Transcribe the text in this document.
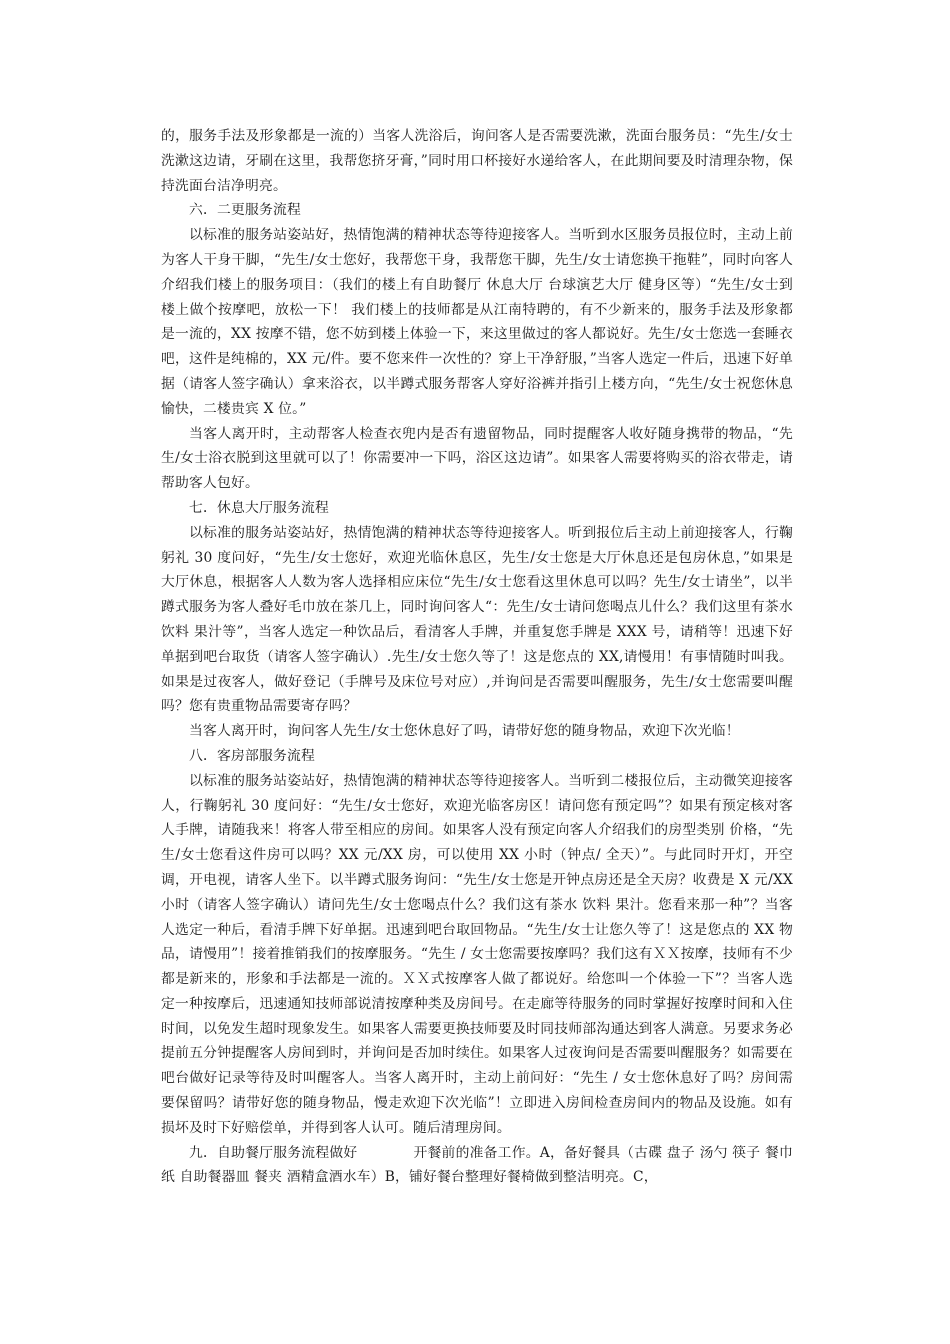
的，服务手法及形象都是一流的）当客人洗浴后，询问客人是否需要洗漱，洗面台服务员：“先生/女士洗漱这边请，牙刷在这里，我帮您挤牙膏，”同时用口杯接好水递给客人，在此期间要及时清理杂物，保持洗面台洁净明亮。

六．二更服务流程

以标准的服务站姿站好，热情饱满的精神状态等待迎接客人。当听到水区服务员报位时，主动上前为客人干身干脚，“先生/女士您好，我帮您干身，我帮您干脚，先生/女士请您换干拖鞋”，同时向客人介绍我们楼上的服务项目：（我们的楼上有自助餐厅 休息大厅 台球演艺大厅 健身区等）“先生/女士到楼上做个按摩吧，放松一下！ 我们楼上的技师都是从江南特聘的，有不少新来的，服务手法及形象都是一流的，XX 按摩不错，您不妨到楼上体验一下，来这里做过的客人都说好。先生/女士您选一套睡衣吧，这件是纯棉的，XX 元/件。要不您来件一次性的？穿上干净舒服，”当客人选定一件后，迅速下好单据（请客人签字确认）拿来浴衣，以半蹲式服务帮客人穿好浴裤并指引上楼方向，“先生/女士祝您休息愉快，二楼贵宾 X 位。”

当客人离开时，主动帮客人检查衣兜内是否有遗留物品，同时提醒客人收好随身携带的物品，“先生/女士浴衣脱到这里就可以了！你需要冲一下吗，浴区这边请”。如果客人需要将购买的浴衣带走，请帮助客人包好。

七．休息大厅服务流程

以标准的服务站姿站好，热情饱满的精神状态等待迎接客人。听到报位后主动上前迎接客人，行鞠躬礼 30 度问好，“先生/女士您好，欢迎光临休息区，先生/女士您是大厅休息还是包房休息，”如果是大厅休息，根据客人人数为客人选择相应床位“先生/女士您看这里休息可以吗？先生/女士请坐”，以半蹲式服务为客人叠好毛巾放在茶几上，同时询问客人“：先生/女士请问您喝点儿什么？我们这里有茶水 饮料 果汁等”，当客人选定一种饮品后，看清客人手牌，并重复您手牌是 XXX 号，请稍等！迅速下好单据到吧台取货（请客人签字确认）.先生/女士您久等了！这是您点的 XX,请慢用！有事情随时叫我。如果是过夜客人，做好登记（手牌号及床位号对应）,并询问是否需要叫醒服务，先生/女士您需要叫醒吗？您有贵重物品需要寄存吗？

当客人离开时，询问客人先生/女士您休息好了吗，请带好您的随身物品，欢迎下次光临！

八．客房部服务流程

以标准的服务站姿站好，热情饱满的精神状态等待迎接客人。当听到二楼报位后，主动微笑迎接客人，行鞠躬礼 30 度问好：“先生/女士您好，欢迎光临客房区！请问您有预定吗”？如果有预定核对客人手牌，请随我来！将客人带至相应的房间。如果客人没有预定向客人介绍我们的房型类别 价格，“先生/女士您看这件房可以吗？XX 元/XX 房，可以使用 XX 小时（钟点/ 全天）”。与此同时开灯，开空调，开电视，请客人坐下。以半蹲式服务询问：“先生/女士您是开钟点房还是全天房？收费是 X 元/XX 小时（请客人签字确认）请问先生/女士您喝点什么？我们这有茶水 饮料 果汁。您看来那一种”？当客人选定一种后，看清手牌下好单据。迅速到吧台取回物品。“先生/女士让您久等了！这是您点的 XX 物品，请慢用”！接着推销我们的按摩服务。“先生 / 女士您需要按摩吗？我们这有ＸＸ按摩，技师有不少都是新来的，形象和手法都是一流的。ＸＸ式按摩客人做了都说好。给您叫一个体验一下”？当客人选定一种按摩后，迅速通知技师部说清按摩种类及房间号。在走廊等待服务的同时掌握好按摩时间和入住时间，以免发生超时现象发生。如果客人需要更换技师要及时同技师部沟通达到客人满意。另要求务必提前五分钟提醒客人房间到时，并询问是否加时续住。如果客人过夜询问是否需要叫醒服务？如需要在吧台做好记录等待及时叫醒客人。当客人离开时，主动上前问好：“先生 / 女士您休息好了吗？房间需要保留吗？请带好您的随身物品，慢走欢迎下次光临”！立即进入房间检查房间内的物品及设施。如有损坏及时下好赔偿单，并得到客人认可。随后清理房间。

九．自助餐厅服务流程做好	开餐前的准备工作。A，备好餐具（古碟 盘子 汤勺 筷子 餐巾纸 自助餐器皿 餐夹 酒精盒酒水车）B，铺好餐台整理好餐椅做到整洁明亮。C，
